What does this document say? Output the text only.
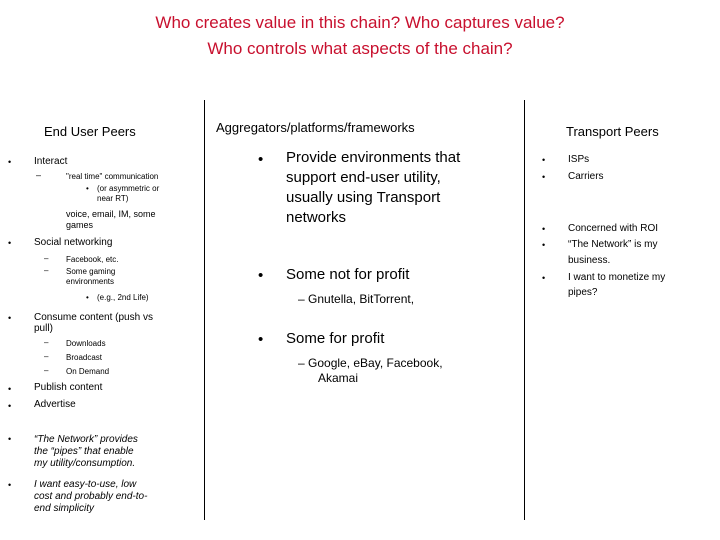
Who creates value in this chain? Who captures value?
Who controls what aspects of the chain?
End User Peers
• Interact
–	"real time" communication
• (or asymmetric or
near RT)
voice, email, IM, some
games
• Social networking
– Facebook, etc.
– Some gaming
environments
• (e.g., 2nd Life)
• Consume content (push vs
pull)
– Downloads
– Broadcast
– On Demand
• Publish content
• Advertise
• “The Network” provides
the “pipes” that enable
my utility/consumption.
• I want easy-to-use, low
cost and probably end-to-
end simplicity
Aggregators/platforms/frameworks
• Provide environments that
support end-user utility,
usually using Transport
networks
• Some not for profit
– Gnutella, BitTorrent,
• Some for profit
– Google, eBay, Facebook,
Akamai
Transport Peers
• ISPs
• Carriers
• Concerned with ROI
• “The Network” is my
business.
• I want to monetize my
pipes?
